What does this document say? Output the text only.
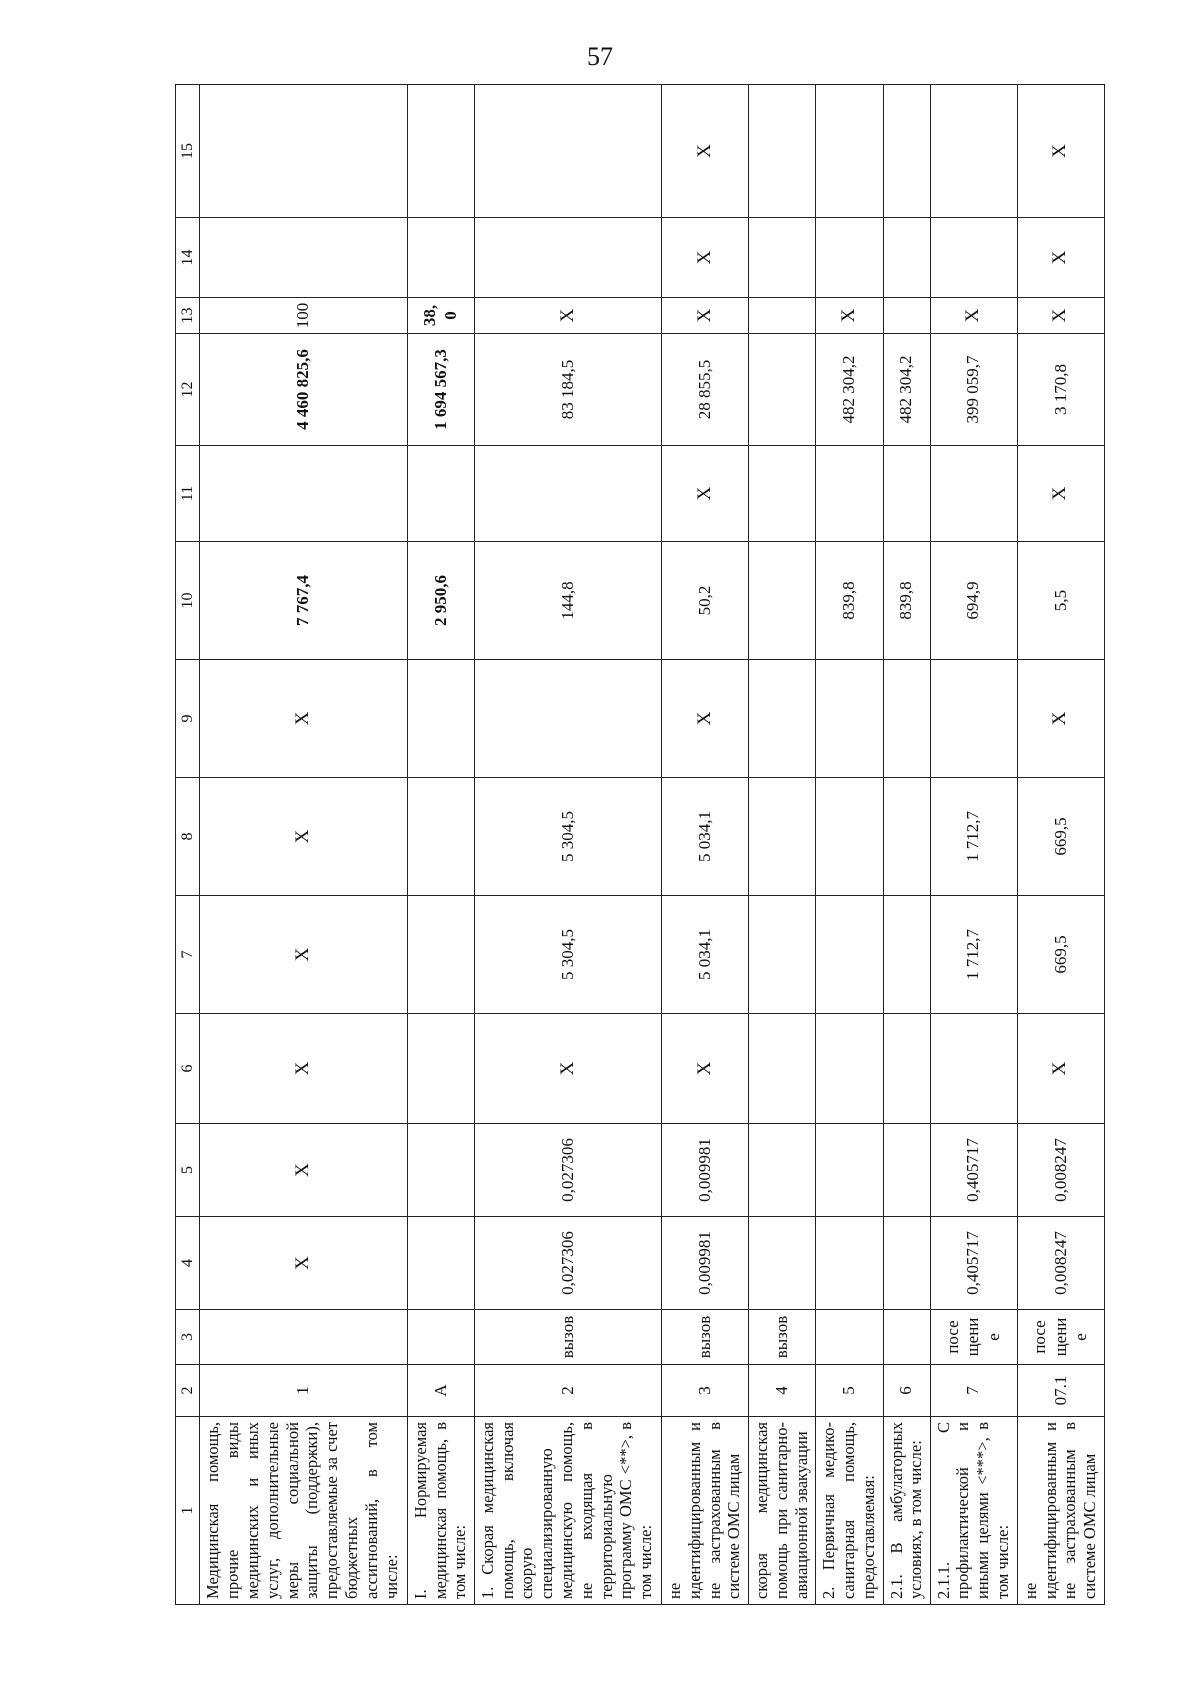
57
1	2	3	4	5	6	7	8	9	10	11	12	13	14	15
Медицинская помощь, прочие виды медицинских и иных услуг, дополнительные меры социальной защиты (поддержки), предоставляемые за счет бюджетных ассигнований, в том числе:	1		X	X	X	X	X	X	7 767,4		4 460 825,6	100		
I. Нормируемая медицинская помощь, в том числе:	А								2 950,6		1 694 567,3	38,0		
1. Скорая медицинская помощь, включая скорую специализированную медицинскую помощь, не входящая в территориальную программу ОМС <**>, в том числе:	2	вызов	0,027306	0,027306	X	5 304,5	5 304,5		144,8		83 184,5	X		
не идентифицированным и не застрахованным в системе ОМС лицам	3	вызов	0,009981	0,009981	X	5 034,1	5 034,1	X	50,2	X	28 855,5	X	X	X
скорая медицинская помощь при санитарно-авиационной эвакуации	4	вызов												
2. Первичная медико-санитарная помощь, предоставляемая:	5								839,8		482 304,2	X		
2.1. В амбулаторных условиях, в том числе:	6								839,8		482 304,2			
2.1.1. С профилактической и иными целями <***>, в том числе:	7	посещение	0,405717	0,405717		1 712,7	1 712,7		694,9		399 059,7	X		
не идентифицированным и не застрахованным в системе ОМС лицам	07.1	посещение	0,008247	0,008247	X	669,5	669,5	X	5,5	X	3 170,8	X	X	X
